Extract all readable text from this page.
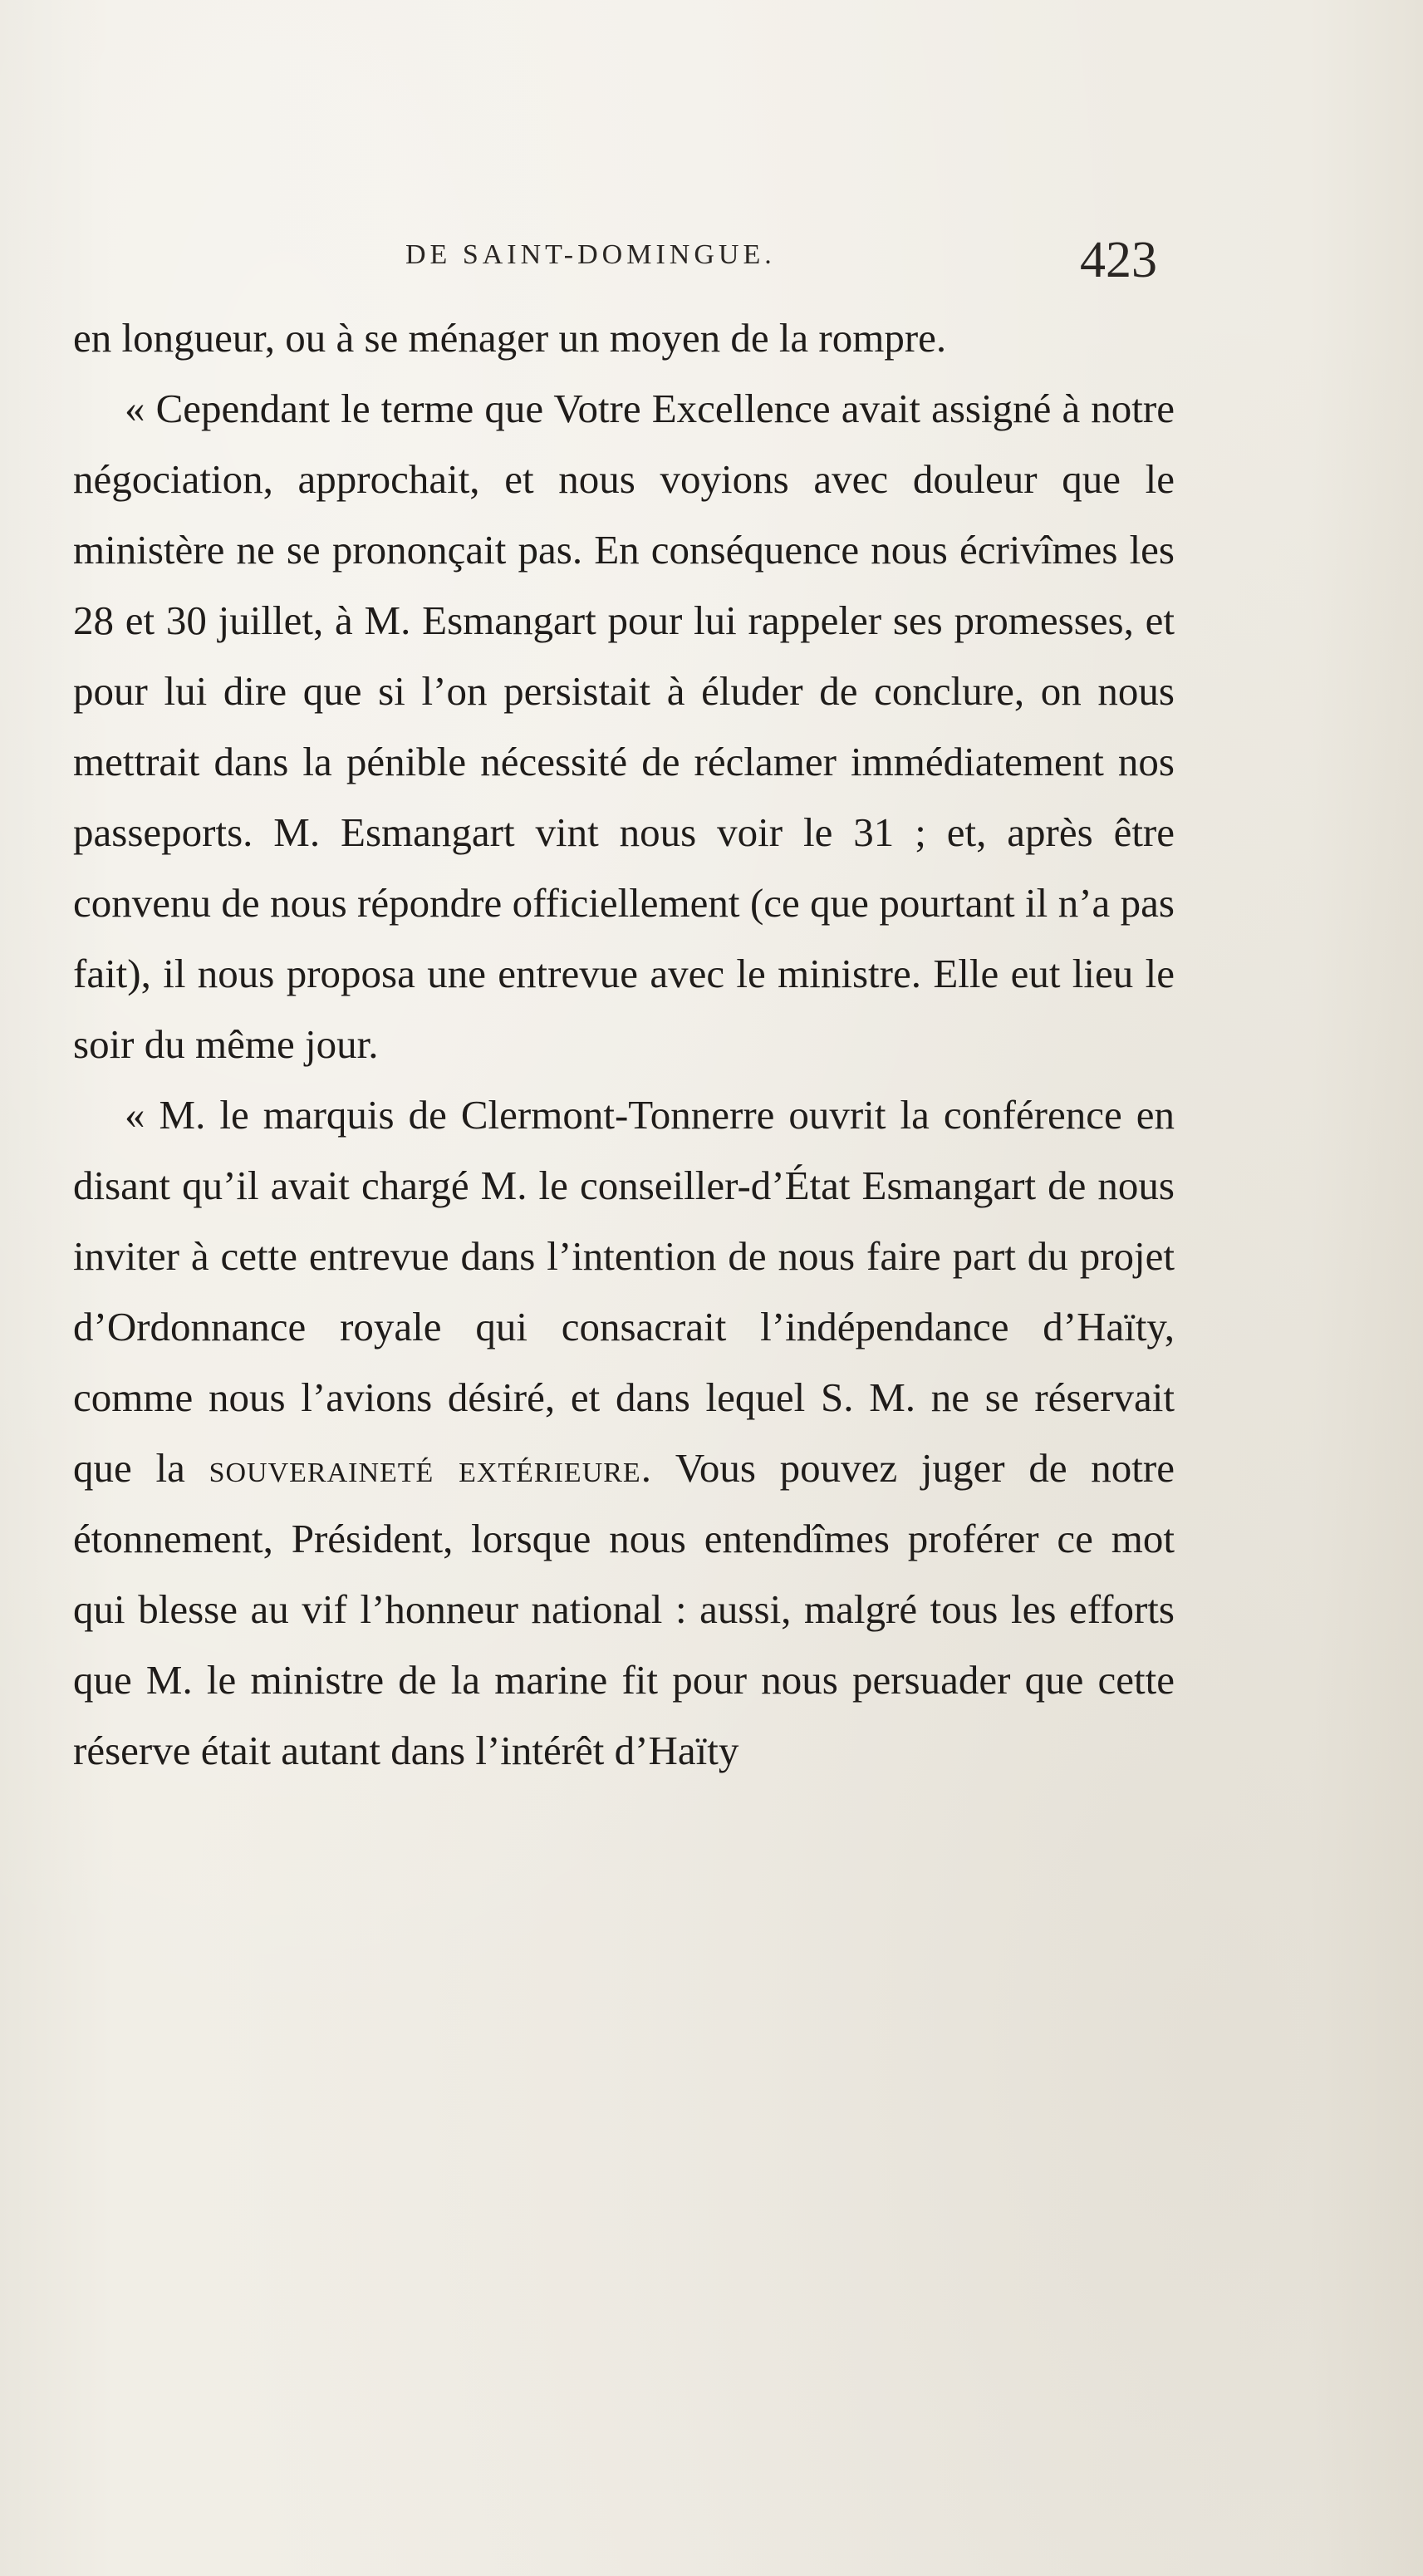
DE SAINT-DOMINGUE.	423

en longueur, ou à se ménager un moyen de la rompre.

« Cependant le terme que Votre Excellence avait assigné à notre négociation, approchait, et nous voyions avec douleur que le ministère ne se prononçait pas. En conséquence nous écrivîmes les 28 et 30 juillet, à M. Esmangart pour lui rappeler ses promesses, et pour lui dire que si l’on persistait à éluder de conclure, on nous mettrait dans la pénible nécessité de réclamer immédiatement nos passeports. M. Esmangart vint nous voir le 31 ; et, après être convenu de nous répondre officiellement (ce que pourtant il n’a pas fait), il nous proposa une entrevue avec le ministre. Elle eut lieu le soir du même jour.

« M. le marquis de Clermont-Tonnerre ouvrit la conférence en disant qu’il avait chargé M. le conseiller-d’État Esmangart de nous inviter à cette entrevue dans l’intention de nous faire part du projet d’Ordonnance royale qui consacrait l’indépendance d’Haïty, comme nous l’avions désiré, et dans lequel S. M. ne se réservait que la souveraineté extérieure. Vous pouvez juger de notre étonnement, Président, lorsque nous entendîmes proférer ce mot qui blesse au vif l’honneur national : aussi, malgré tous les efforts que M. le ministre de la marine fit pour nous persuader que cette réserve était autant dans l’intérêt d’Haïty
